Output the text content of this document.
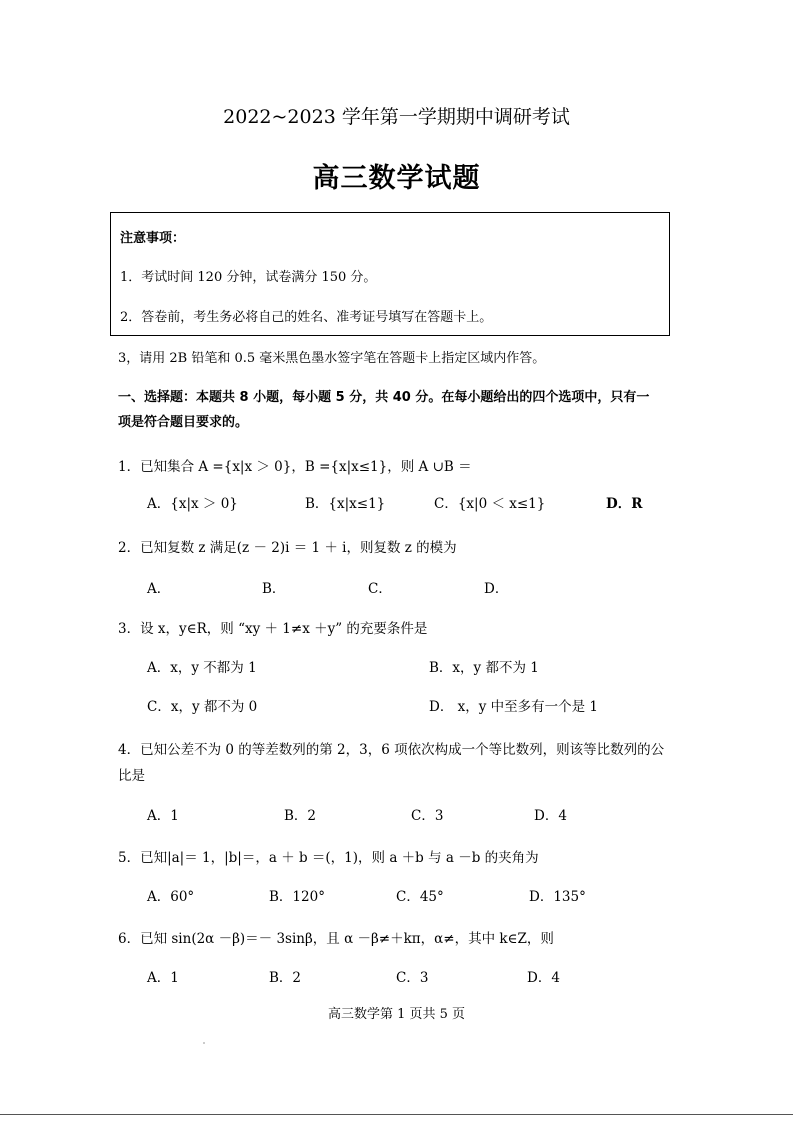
2022~2023 学年第一学期期中调研考试
高三数学试题
注意事项：
1．考试时间 120 分钟，试卷满分 150 分。
2．答卷前，考生务必将自己的姓名、准考证号填写在答题卡上。
3，请用 2B 铅笔和 0.5 毫米黑色墨水签字笔在答题卡上指定区域内作答。
一、选择题：本题共 8 小题，每小题 5 分，共 40 分。在每小题给出的四个选项中，只有一
项是符合题目要求的。
1．已知集合 A ={x|x ＞ 0}，B ={x|x≤1}，则 A ∪B ＝
A．{x|x ＞ 0}	B．{x|x≤1}	C．{x|0 ＜ x≤1}	D．R
2．已知复数 z 满足(z － 2)i ＝ 1 ＋ i，则复数 z 的模为
A．	B．	C．	D．
3．设 x，y∈R，则 “xy ＋ 1≠x ＋y” 的充要条件是
A．x，y 不都为 1	B．x，y 都不为 1
C．x，y 都不为 0	D． x，y 中至多有一个是 1
4．已知公差不为 0 的等差数列的第 2，3，6 项依次构成一个等比数列，则该等比数列的公
比是
A．1	B．2	C．3	D．4
5．已知|a|＝ 1，|b|＝，a ＋ b ＝(，1)，则 a ＋b 与 a －b 的夹角为
A．60°	B．120°	C．45°	D．135°
6．已知 sin(2α －β)＝－ 3sinβ，且 α －β≠＋kπ，α≠，其中 k∈Z，则
A．1	B．2	C．3	D．4
高三数学第 1 页共 5 页
